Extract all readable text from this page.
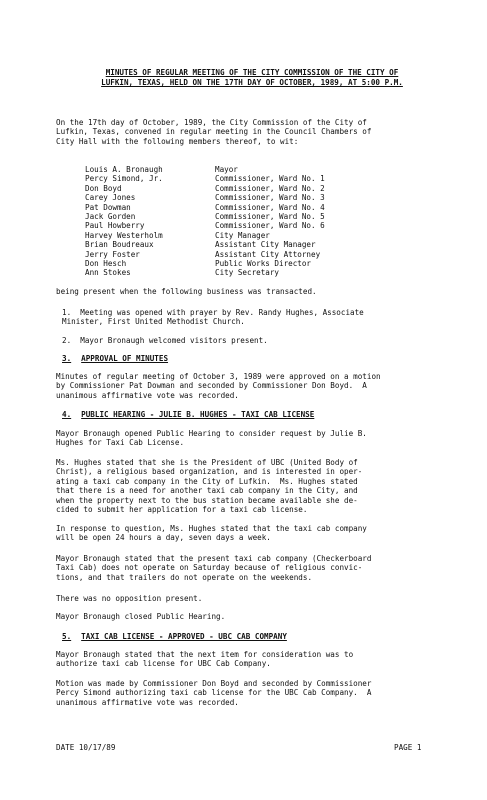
MINUTES OF REGULAR MEETING OF THE CITY COMMISSION OF THE CITY OF
LUFKIN, TEXAS, HELD ON THE 17TH DAY OF OCTOBER, 1989, AT 5:00 P.M.
On the 17th day of October, 1989, the City Commission of the City of
Lufkin, Texas, convened in regular meeting in the Council Chambers of
City Hall with the following members thereof, to wit:
Louis A. Bronaugh	Mayor
Percy Simond, Jr.	Commissioner, Ward No. 1
Don Boyd	Commissioner, Ward No. 2
Carey Jones	Commissioner, Ward No. 3
Pat Dowman	Commissioner, Ward No. 4
Jack Gorden	Commissioner, Ward No. 5
Paul Howberry	Commissioner, Ward No. 6
Harvey Westerholm	City Manager
Brian Boudreaux	Assistant City Manager
Jerry Foster	Assistant City Attorney
Don Hesch	Public Works Director
Ann Stokes	City Secretary
being present when the following business was transacted.
1.  Meeting was opened with prayer by Rev. Randy Hughes, Associate
Minister, First United Methodist Church.
2.  Mayor Bronaugh welcomed visitors present.
3. APPROVAL OF MINUTES
Minutes of regular meeting of October 3, 1989 were approved on a motion
by Commissioner Pat Dowman and seconded by Commissioner Don Boyd.  A
unanimous affirmative vote was recorded.
4. PUBLIC HEARING - JULIE B. HUGHES - TAXI CAB LICENSE
Mayor Bronaugh opened Public Hearing to consider request by Julie B.
Hughes for Taxi Cab License.
Ms. Hughes stated that she is the President of UBC (United Body of
Christ), a religious based organization, and is interested in oper-
ating a taxi cab company in the City of Lufkin.  Ms. Hughes stated
that there is a need for another taxi cab company in the City, and
when the property next to the bus station became available she de-
cided to submit her application for a taxi cab license.
In response to question, Ms. Hughes stated that the taxi cab company
will be open 24 hours a day, seven days a week.
Mayor Bronaugh stated that the present taxi cab company (Checkerboard
Taxi Cab) does not operate on Saturday because of religious convic-
tions, and that trailers do not operate on the weekends.
There was no opposition present.
Mayor Bronaugh closed Public Hearing.
5. TAXI CAB LICENSE - APPROVED - UBC CAB COMPANY
Mayor Bronaugh stated that the next item for consideration was to
authorize taxi cab license for UBC Cab Company.
Motion was made by Commissioner Don Boyd and seconded by Commissioner
Percy Simond authorizing taxi cab license for the UBC Cab Company.  A
unanimous affirmative vote was recorded.
DATE 10/17/89	PAGE 1
